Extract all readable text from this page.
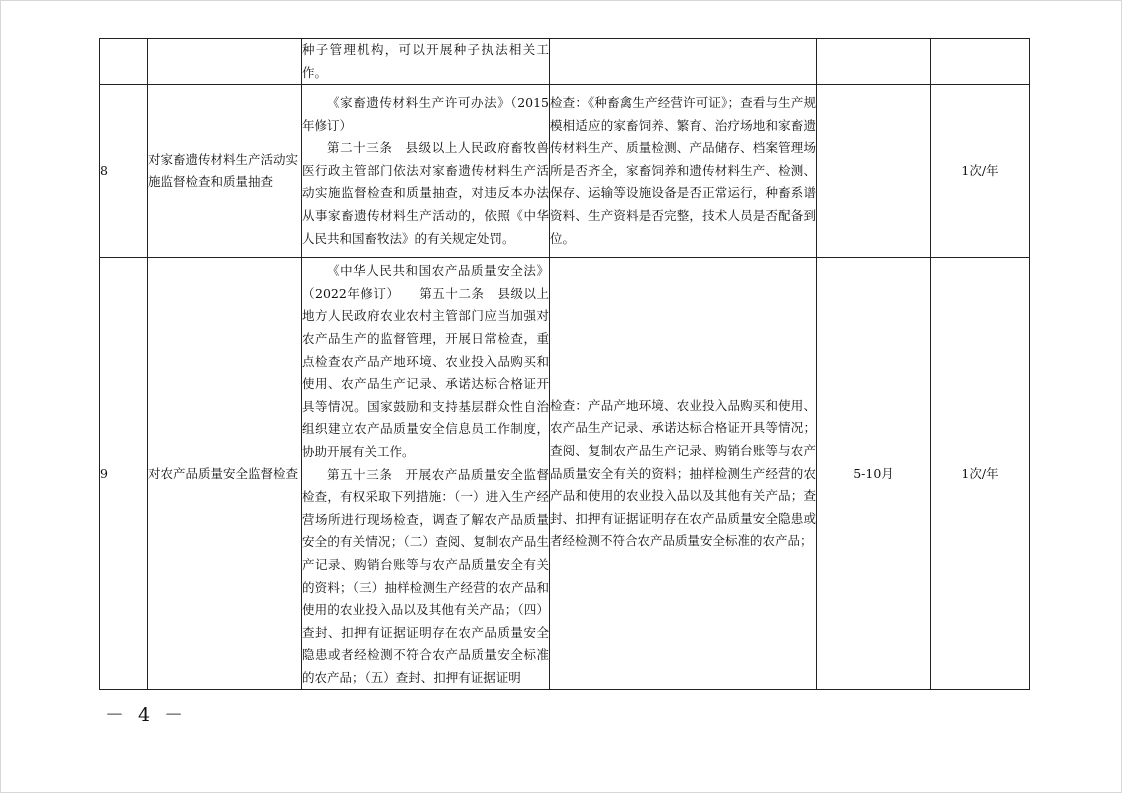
		种子管理机构，可以开展种子执法相关工作。			

8	对家畜遗传材料生产活动实施监督检查和质量抽查	《家畜遗传材料生产许可办法》（2015年修订）
第二十三条　县级以上人民政府畜牧兽医行政主管部门依法对家畜遗传材料生产活动实施监督检查和质量抽查，对违反本办法从事家畜遗传材料生产活动的，依照《中华人民共和国畜牧法》的有关规定处罚。	检查：《种畜禽生产经营许可证》；查看与生产规模相适应的家畜饲养、繁育、治疗场地和家畜遗传材料生产、质量检测、产品储存、档案管理场所是否齐全，家畜饲养和遗传材料生产、检测、保存、运输等设施设备是否正常运行，种畜系谱资料、生产资料是否完整，技术人员是否配备到位。		1次/年
9	对农产品质量安全监督检查	《中华人民共和国农产品质量安全法》（2022年修订）　　第五十二条　县级以上地方人民政府农业农村主管部门应当加强对农产品生产的监督管理，开展日常检查，重点检查农产品产地环境、农业投入品购买和使用、农产品生产记录、承诺达标合格证开具等情况。国家鼓励和支持基层群众性自治组织建立农产品质量安全信息员工作制度，协助开展有关工作。
第五十三条　开展农产品质量安全监督检查，有权采取下列措施：（一）进入生产经营场所进行现场检查，调查了解农产品质量安全的有关情况；（二）查阅、复制农产品生产记录、购销台账等与农产品质量安全有关的资料；（三）抽样检测生产经营的农产品和使用的农业投入品以及其他有关产品；（四）查封、扣押有证据证明存在农产品质量安全隐患或者经检测不符合农产品质量安全标准的农产品；（五）查封、扣押有证据证明	检查：产品产地环境、农业投入品购买和使用、农产品生产记录、承诺达标合格证开具等情况；查阅、复制农产品生产记录、购销台账等与农产品质量安全有关的资料；抽样检测生产经营的农产品和使用的农业投入品以及其他有关产品；查封、扣押有证据证明存在农产品质量安全隐患或者经检测不符合农产品质量安全标准的农产品；	5-10月	1次/年
－ 4 －
